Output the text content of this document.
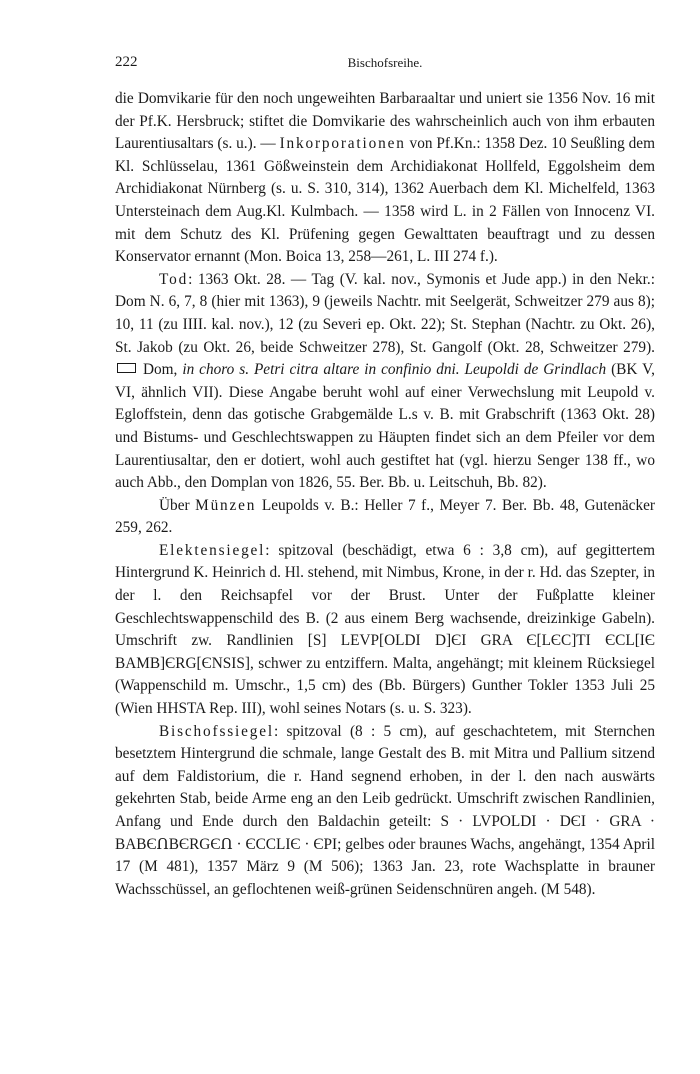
222	Bischofsreihe.

die Domvikarie für den noch ungeweihten Barbaraaltar und uniert sie 1356 Nov. 16 mit der Pf.K. Hersbruck; stiftet die Domvikarie des wahrscheinlich auch von ihm erbauten Laurentiusaltars (s. u.). — Inkorporationen von Pf.Kn.: 1358 Dez. 10 Seußling dem Kl. Schlüsselau, 1361 Gößweinstein dem Archidiakonat Hollfeld, Eggolsheim dem Archidiakonat Nürnberg (s. u. S. 310, 314), 1362 Auerbach dem Kl. Michelfeld, 1363 Untersteinach dem Aug.Kl. Kulmbach. — 1358 wird L. in 2 Fällen von Innocenz VI. mit dem Schutz des Kl. Prüfening gegen Gewalttaten beauftragt und zu dessen Konservator ernannt (Mon. Boica 13, 258—261, L. III 274 f.).

Tod: 1363 Okt. 28. — Tag (V. kal. nov., Symonis et Jude app.) in den Nekr.: Dom N. 6, 7, 8 (hier mit 1363), 9 (jeweils Nachtr. mit Seelgerät, Schweitzer 279 aus 8); 10, 11 (zu IIII. kal. nov.), 12 (zu Severi ep. Okt. 22); St. Stephan (Nachtr. zu Okt. 26), St. Jakob (zu Okt. 26, beide Schweitzer 278), St. Gangolf (Okt. 28, Schweitzer 279). Dom, in choro s. Petri citra altare in confinio dni. Leupoldi de Grindlach (BK V, VI, ähnlich VII). Diese Angabe beruht wohl auf einer Verwechslung mit Leupold v. Egloffstein, denn das gotische Grabgemälde L.s v. B. mit Grabschrift (1363 Okt. 28) und Bistums- und Geschlechtswappen zu Häupten findet sich an dem Pfeiler vor dem Laurentiusaltar, den er dotiert, wohl auch gestiftet hat (vgl. hierzu Senger 138 ff., wo auch Abb., den Domplan von 1826, 55. Ber. Bb. u. Leitschuh, Bb. 82).

Über Münzen Leupolds v. B.: Heller 7 f., Meyer 7. Ber. Bb. 48, Gutenäcker 259, 262.

Elektensiegel: spitzoval (beschädigt, etwa 6 : 3,8 cm), auf gegittertem Hintergrund K. Heinrich d. Hl. stehend, mit Nimbus, Krone, in der r. Hd. das Szepter, in der l. den Reichsapfel vor der Brust. Unter der Fußplatte kleiner Geschlechtswappenschild des B. (2 aus einem Berg wachsende, dreizinkige Gabeln). Umschrift zw. Randlinien [S] LEVP[OLDI D]ЄI GRA Є[LЄC]TI ЄCL[IЄ BAMB]ЄRG[ЄNSIS], schwer zu entziffern. Malta, angehängt; mit kleinem Rücksiegel (Wappenschild m. Umschr., 1,5 cm) des (Bb. Bürgers) Gunther Tokler 1353 Juli 25 (Wien HHSTA Rep. III), wohl seines Notars (s. u. S. 323).

Bischofssiegel: spitzoval (8 : 5 cm), auf geschachtetem, mit Sternchen besetztem Hintergrund die schmale, lange Gestalt des B. mit Mitra und Pallium sitzend auf dem Faldistorium, die r. Hand segnend erhoben, in der l. den nach auswärts gekehrten Stab, beide Arme eng an den Leib gedrückt. Umschrift zwischen Randlinien, Anfang und Ende durch den Baldachin geteilt: S · LVPOLDI · DЄI · GRA · BABЄՈBЄRGЄՈ · ЄCCLIЄ · ЄPI; gelbes oder braunes Wachs, angehängt, 1354 April 17 (M 481), 1357 März 9 (M 506); 1363 Jan. 23, rote Wachsplatte in brauner Wachsschüssel, an geflochtenen weiß-grünen Seidenschnüren angeh. (M 548).
